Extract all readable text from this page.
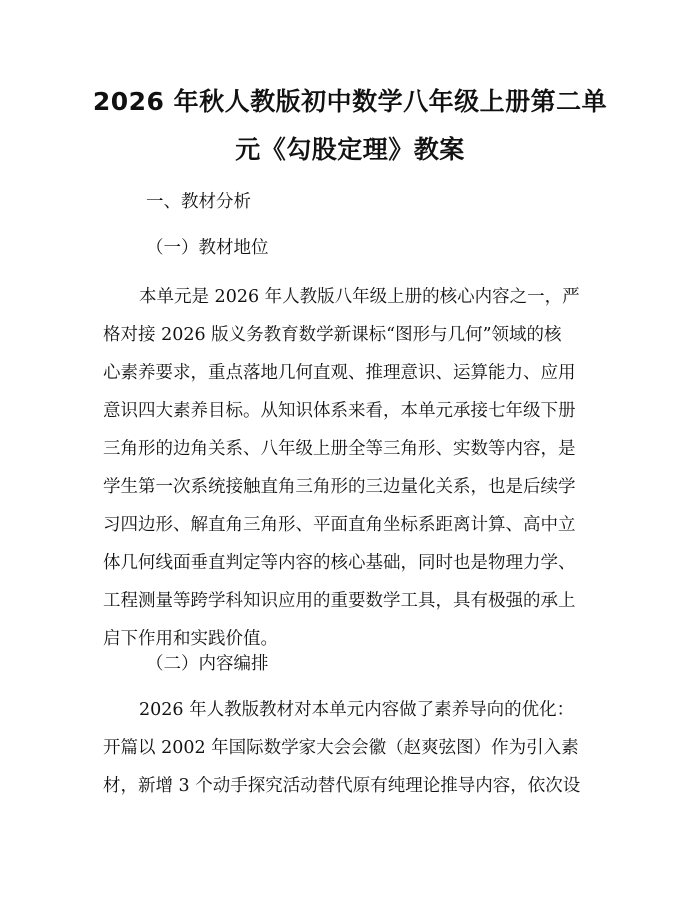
2026 年秋人教版初中数学八年级上册第二单
元《勾股定理》教案

一、教材分析

（一）教材地位

本单元是 2026 年人教版八年级上册的核心内容之一，严

格对接 2026 版义务教育数学新课标“图形与几何”领域的核

心素养要求，重点落地几何直观、推理意识、运算能力、应用

意识四大素养目标。从知识体系来看，本单元承接七年级下册

三角形的边角关系、八年级上册全等三角形、实数等内容，是

学生第一次系统接触直角三角形的三边量化关系，也是后续学

习四边形、解直角三角形、平面直角坐标系距离计算、高中立

体几何线面垂直判定等内容的核心基础，同时也是物理力学、

工程测量等跨学科知识应用的重要数学工具，具有极强的承上

启下作用和实践价值。

（二）内容编排

2026 年人教版教材对本单元内容做了素养导向的优化：

开篇以 2002 年国际数学家大会会徽（赵爽弦图）作为引入素

材，新增 3 个动手探究活动替代原有纯理论推导内容，依次设
